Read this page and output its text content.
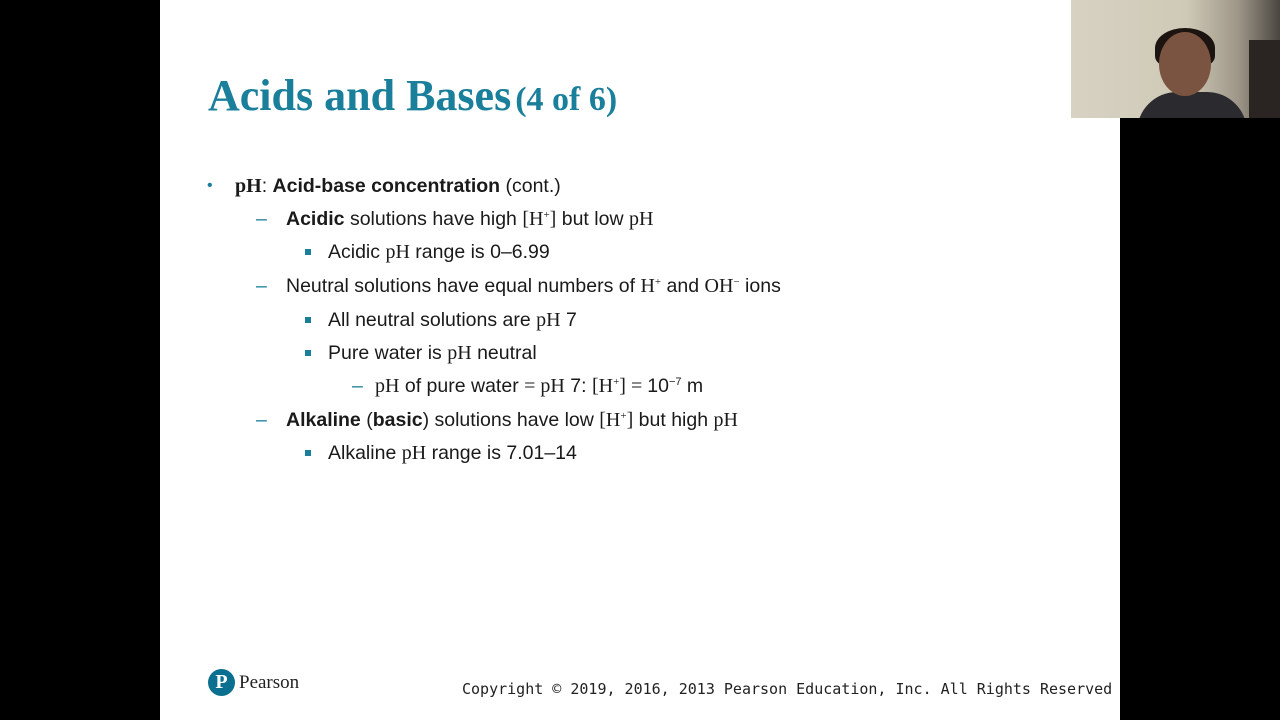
Acids and Bases (4 of 6)
• pH: Acid-base concentration (cont.)
– Acidic solutions have high [H+] but low pH
Acidic pH range is 0–6.99
– Neutral solutions have equal numbers of H+ and OH− ions
All neutral solutions are pH 7
Pure water is pH neutral
– pH of pure water = pH 7: $[H^+] = 10^{-7}$ m
– Alkaline (basic) solutions have low [H+] but high pH
Alkaline pH range is 7.01–14
P Pearson	Copyright © 2019, 2016, 2013 Pearson Education, Inc. All Rights Reserved
